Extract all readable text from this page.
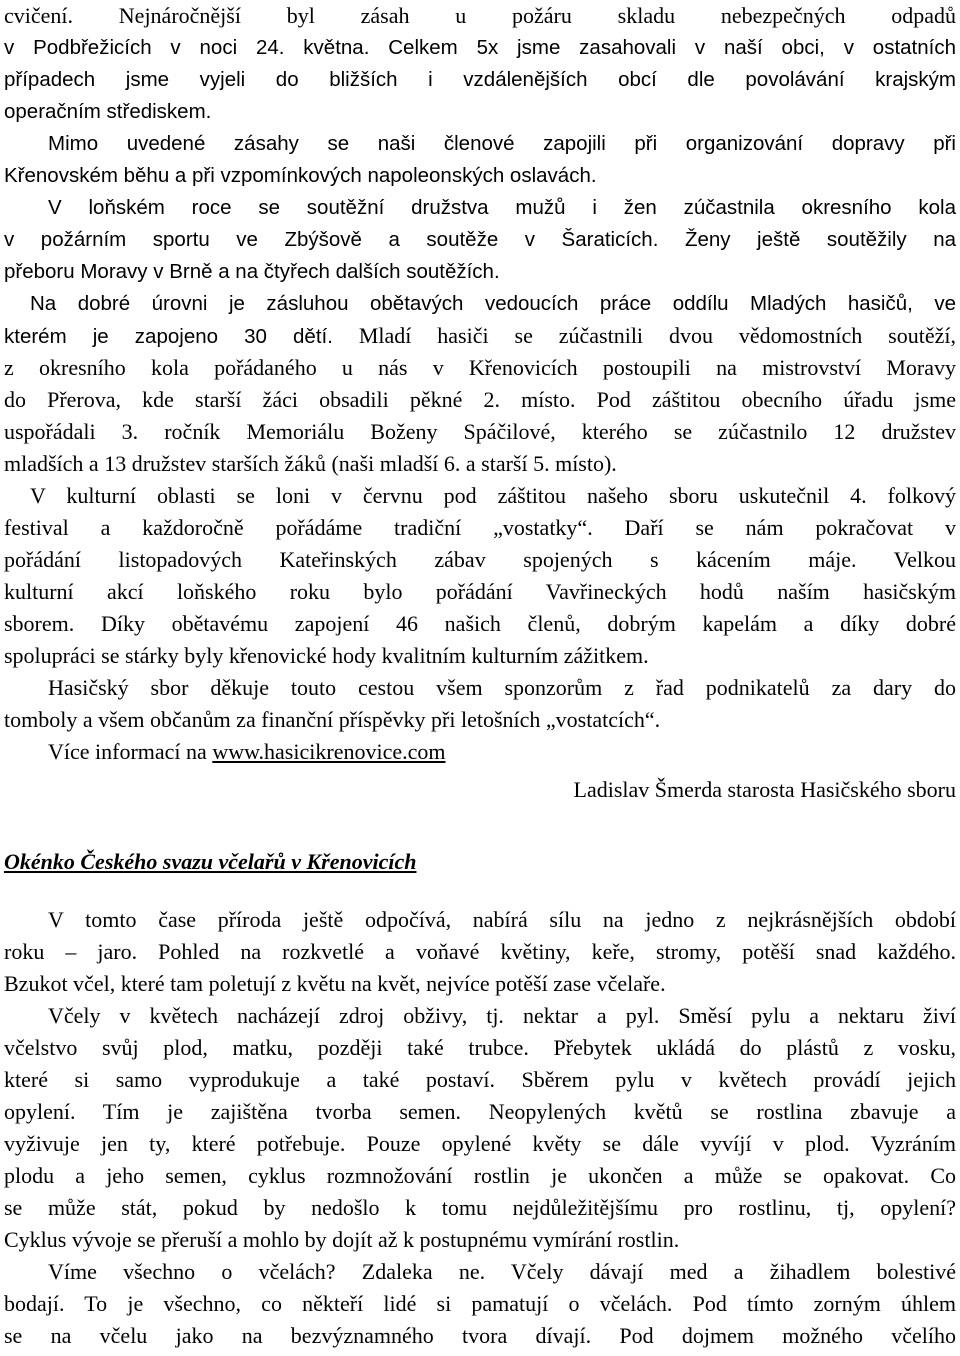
cvičení. Nejnáročnější byl zásah u požáru skladu nebezpečných odpadů
v Podbřežicích v noci 24. května. Celkem 5x jsme zasahovali v naší obci, v ostatních
případech jsme vyjeli do bližších i vzdálenějších obcí dle povolávání krajským
operačním střediskem.
Mimo uvedené zásahy se naši členové zapojili při organizování dopravy při
Křenovském běhu a při vzpomínkových napoleonských oslavách.
V loňském roce se soutěžní družstva mužů i žen zúčastnila okresního kola
v požárním sportu ve Zbýšově a soutěže v Šaraticích. Ženy ještě soutěžily na
přeboru Moravy v Brně a na čtyřech dalších soutěžích.
Na dobré úrovni je zásluhou obětavých vedoucích práce oddílu Mladých hasičů, ve
kterém je zapojeno 30 dětí. Mladí hasiči se zúčastnili dvou vědomostních soutěží,
z okresního kola pořádaného u nás v Křenovicích postoupili na mistrovství Moravy
do Přerova, kde starší žáci obsadili pěkné 2. místo. Pod záštitou obecního úřadu jsme
uspořádali 3. ročník Memoriálu Boženy Spáčilové, kterého se zúčastnilo 12 družstev
mladších a 13 družstev starších žáků (naši mladší 6. a starší 5. místo).
V kulturní oblasti se loni v červnu pod záštitou našeho sboru uskutečnil 4. folkový
festival a každoročně pořádáme tradiční „vostatky“. Daří se nám pokračovat v
pořádání listopadových Kateřinských zábav spojených s kácením máje. Velkou
kulturní akcí loňského roku bylo pořádání Vavřineckých hodů naším hasičským
sborem. Díky obětavému zapojení 46 našich členů, dobrým kapelám a díky dobré
spolupráci se stárky byly křenovické hody kvalitním kulturním zážitkem.
Hasičský sbor děkuje touto cestou všem sponzorům z řad podnikatelů za dary do
tomboly a všem občanům za finanční příspěvky při letošních „vostatcích“.
Více informací na www.hasicikrenovice.com
Ladislav Šmerda starosta Hasičského sboru
Okénko Českého svazu včelařů v Křenovicích
V tomto čase příroda ještě odpočívá, nabírá sílu na jedno z nejkrásnějších období
roku – jaro. Pohled na rozkvetlé a voňavé květiny, keře, stromy, potěší snad každého.
Bzukot včel, které tam poletují z květu na květ, nejvíce potěší zase včelaře.
Včely v květech nacházejí zdroj obživy, tj. nektar a pyl. Směsí pylu a nektaru živí
včelstvo svůj plod, matku, později také trubce. Přebytek ukládá do plástů z vosku,
které si samo vyprodukuje a také postaví. Sběrem pylu v květech provádí jejich
opylení. Tím je zajištěna tvorba semen. Neopylených květů se rostlina zbavuje a
vyživuje jen ty, které potřebuje. Pouze opylené květy se dále vyvíjí v plod. Vyzráním
plodu a jeho semen, cyklus rozmnožování rostlin je ukončen a může se opakovat. Co
se může stát, pokud by nedošlo k tomu nejdůležitějšímu pro rostlinu, tj, opylení?
Cyklus vývoje se přeruší a mohlo by dojít až k postupnému vymírání rostlin.
Víme všechno o včelách? Zdaleka ne. Včely dávají med a žihadlem bolestivé
bodají. To je všechno, co někteří lidé si pamatují o včelách. Pod tímto zorným úhlem
se na včelu jako na bezvýznamného tvora dívají. Pod dojmem možného včelího
